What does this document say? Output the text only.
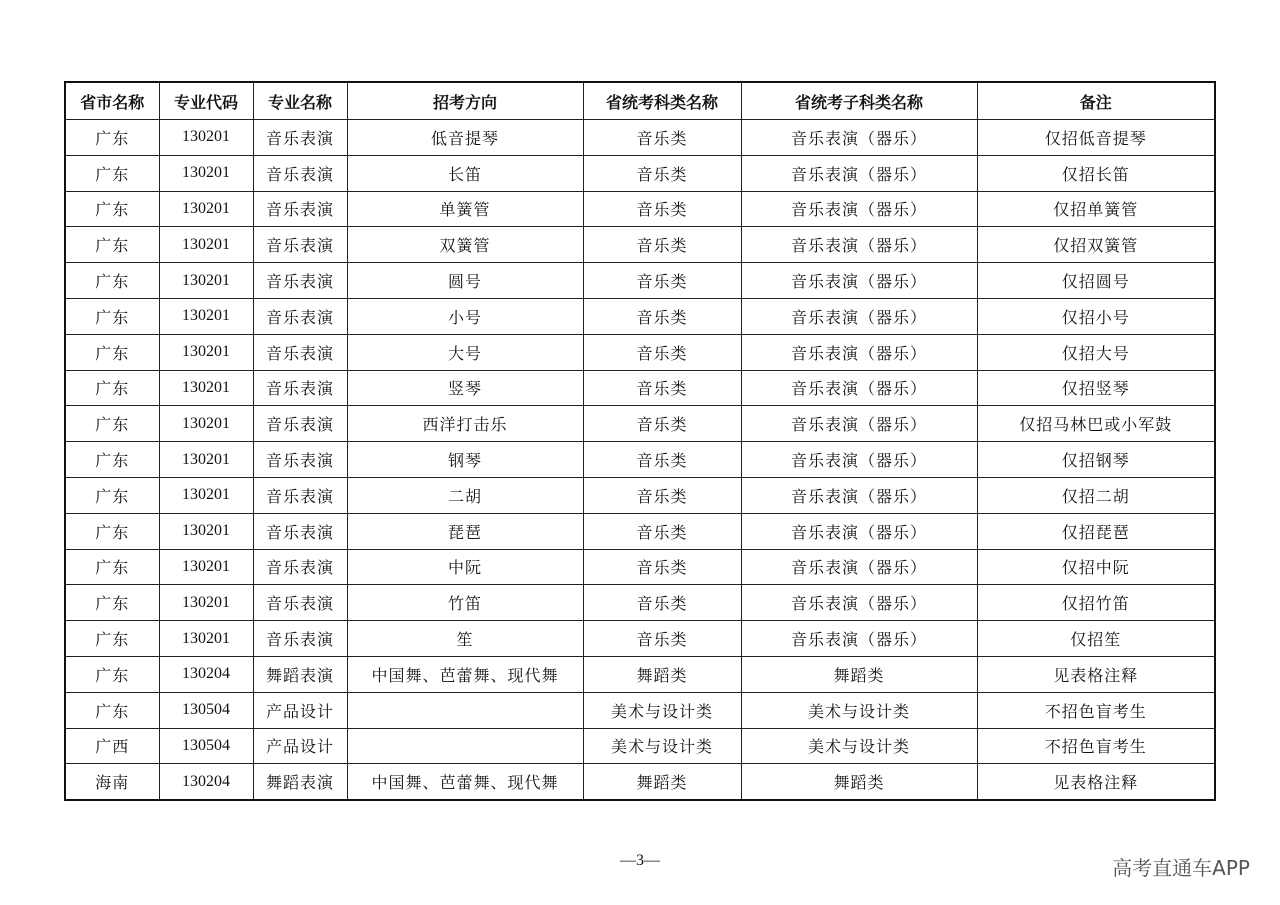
省市名称	专业代码	专业名称	招考方向	省统考科类名称	省统考子科类名称	备注
广东	130201	音乐表演	低音提琴	音乐类	音乐表演（器乐）	仅招低音提琴
广东	130201	音乐表演	长笛	音乐类	音乐表演（器乐）	仅招长笛
广东	130201	音乐表演	单簧管	音乐类	音乐表演（器乐）	仅招单簧管
广东	130201	音乐表演	双簧管	音乐类	音乐表演（器乐）	仅招双簧管
广东	130201	音乐表演	圆号	音乐类	音乐表演（器乐）	仅招圆号
广东	130201	音乐表演	小号	音乐类	音乐表演（器乐）	仅招小号
广东	130201	音乐表演	大号	音乐类	音乐表演（器乐）	仅招大号
广东	130201	音乐表演	竖琴	音乐类	音乐表演（器乐）	仅招竖琴
广东	130201	音乐表演	西洋打击乐	音乐类	音乐表演（器乐）	仅招马林巴或小军鼓
广东	130201	音乐表演	钢琴	音乐类	音乐表演（器乐）	仅招钢琴
广东	130201	音乐表演	二胡	音乐类	音乐表演（器乐）	仅招二胡
广东	130201	音乐表演	琵琶	音乐类	音乐表演（器乐）	仅招琵琶
广东	130201	音乐表演	中阮	音乐类	音乐表演（器乐）	仅招中阮
广东	130201	音乐表演	竹笛	音乐类	音乐表演（器乐）	仅招竹笛
广东	130201	音乐表演	笙	音乐类	音乐表演（器乐）	仅招笙
广东	130204	舞蹈表演	中国舞、芭蕾舞、现代舞	舞蹈类	舞蹈类	见表格注释
广东	130504	产品设计		美术与设计类	美术与设计类	不招色盲考生
广西	130504	产品设计		美术与设计类	美术与设计类	不招色盲考生
海南	130204	舞蹈表演	中国舞、芭蕾舞、现代舞	舞蹈类	舞蹈类	见表格注释
—3—	高考直通车APP
